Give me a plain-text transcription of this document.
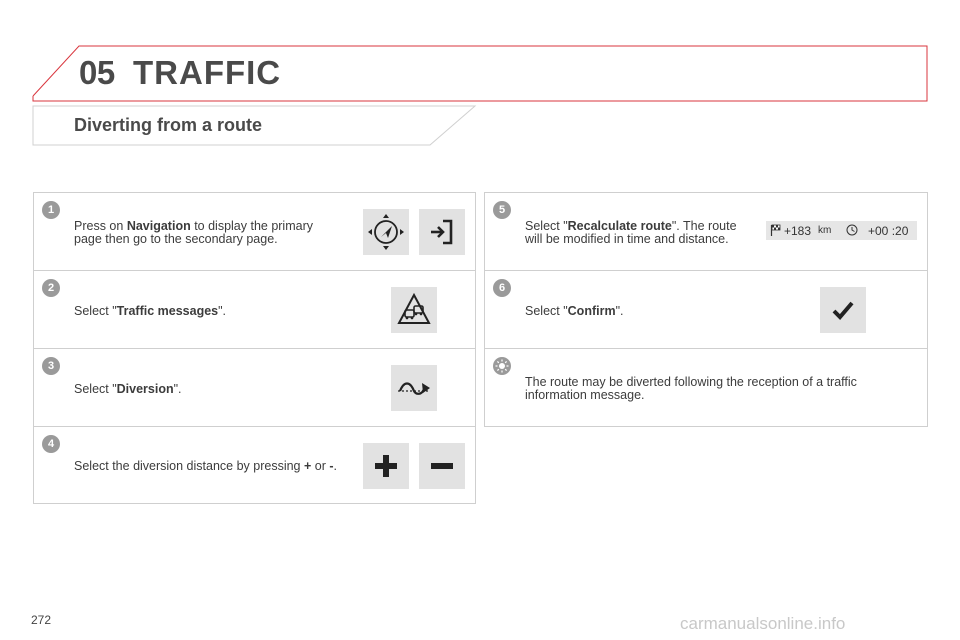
05 TRAFFIC
Diverting from a route
1
Press on Navigation to display the primary page then go to the secondary page.
2
Select "Traffic messages".
3
Select "Diversion".
4
Select the diversion distance by pressing + or -.
5
Select "Recalculate route". The route will be modified in time and distance.
+183 km	+00 :20
6
Select "Confirm".
The route may be diverted following the reception of a traffic information message.
272	carmanualsonline.info
